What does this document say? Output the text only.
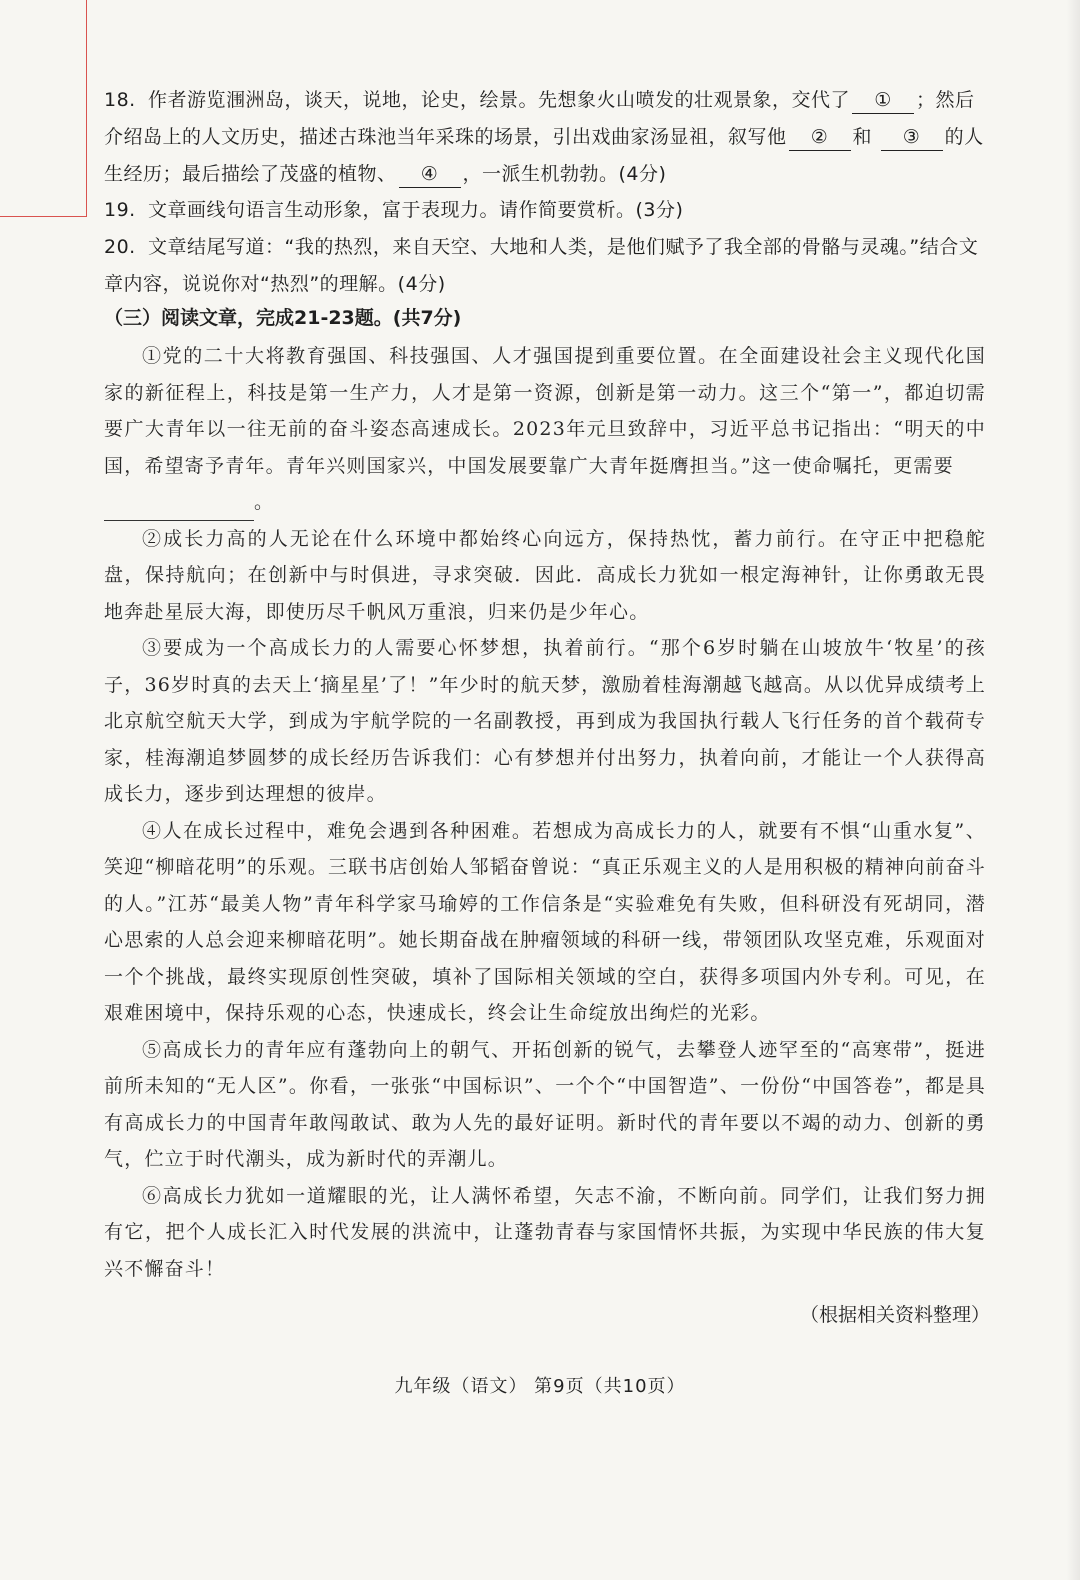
18. 作者游览涠洲岛，谈天，说地，论史，绘景。先想象火山喷发的壮观景象，交代了 ① ；然后介绍岛上的人文历史，描述古珠池当年采珠的场景，引出戏曲家汤显祖，叙写他 ② 和 ③ 的人生经历；最后描绘了茂盛的植物、 ④ ，一派生机勃勃。(4分)
19. 文章画线句语言生动形象，富于表现力。请作简要赏析。(3分)
20. 文章结尾写道：“我的热烈，来自天空、大地和人类，是他们赋予了我全部的骨骼与灵魂。”结合文章内容，说说你对“热烈”的理解。(4分)
（三）阅读文章，完成21-23题。(共7分)

①党的二十大将教育强国、科技强国、人才强国提到重要位置。在全面建设社会主义现代化国家的新征程上，科技是第一生产力，人才是第一资源，创新是第一动力。这三个“第一”，都迫切需要广大青年以一往无前的奋斗姿态高速成长。2023年元旦致辞中，习近平总书记指出：“明天的中国，希望寄予青年。青年兴则国家兴，中国发展要靠广大青年挺膺担当。”这一使命嘱托，更需要
。

②成长力高的人无论在什么环境中都始终心向远方，保持热忱，蓄力前行。在守正中把稳舵盘，保持航向；在创新中与时俱进，寻求突破．因此．高成长力犹如一根定海神针，让你勇敢无畏地奔赴星辰大海，即使历尽千帆风万重浪，归来仍是少年心。

③要成为一个高成长力的人需要心怀梦想，执着前行。“那个6岁时躺在山坡放牛‘牧星’的孩子，36岁时真的去天上‘摘星星’了！”年少时的航天梦，激励着桂海潮越飞越高。从以优异成绩考上北京航空航天大学，到成为宇航学院的一名副教授，再到成为我国执行载人飞行任务的首个载荷专家，桂海潮追梦圆梦的成长经历告诉我们：心有梦想并付出努力，执着向前，才能让一个人获得高成长力，逐步到达理想的彼岸。

④人在成长过程中，难免会遇到各种困难。若想成为高成长力的人，就要有不惧“山重水复”、笑迎“柳暗花明”的乐观。三联书店创始人邹韬奋曾说：“真正乐观主义的人是用积极的精神向前奋斗的人。”江苏“最美人物”青年科学家马瑜婷的工作信条是“实验难免有失败，但科研没有死胡同，潜心思索的人总会迎来柳暗花明”。她长期奋战在肿瘤领域的科研一线，带领团队攻坚克难，乐观面对一个个挑战，最终实现原创性突破，填补了国际相关领域的空白，获得多项国内外专利。可见，在艰难困境中，保持乐观的心态，快速成长，终会让生命绽放出绚烂的光彩。

⑤高成长力的青年应有蓬勃向上的朝气、开拓创新的锐气，去攀登人迹罕至的“高寒带”，挺进前所未知的“无人区”。你看，一张张“中国标识”、一个个“中国智造”、一份份“中国答卷”，都是具有高成长力的中国青年敢闯敢试、敢为人先的最好证明。新时代的青年要以不竭的动力、创新的勇气，伫立于时代潮头，成为新时代的弄潮儿。

⑥高成长力犹如一道耀眼的光，让人满怀希望，矢志不渝，不断向前。同学们，让我们努力拥有它，把个人成长汇入时代发展的洪流中，让蓬勃青春与家国情怀共振，为实现中华民族的伟大复兴不懈奋斗！

（根据相关资料整理）
九年级（语文） 第9页（共10页）
